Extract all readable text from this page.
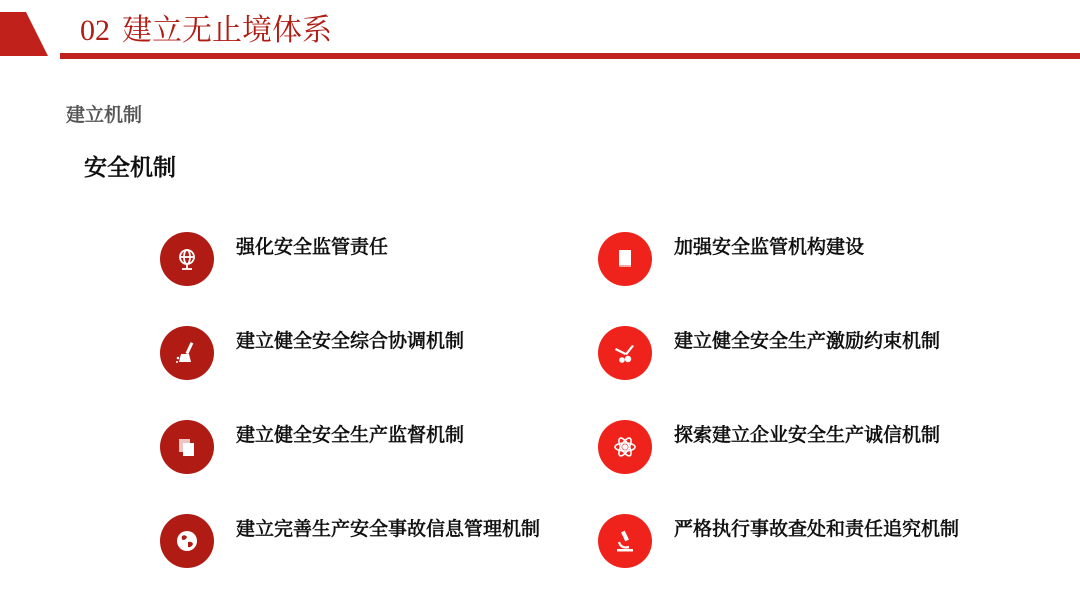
02 建立无止境体系
建立机制
安全机制
强化安全监管责任
建立健全安全综合协调机制
建立健全安全生产监督机制
建立完善生产安全事故信息管理机制
加强安全监管机构建设
建立健全安全生产激励约束机制
探索建立企业安全生产诚信机制
严格执行事故查处和责任追究机制
